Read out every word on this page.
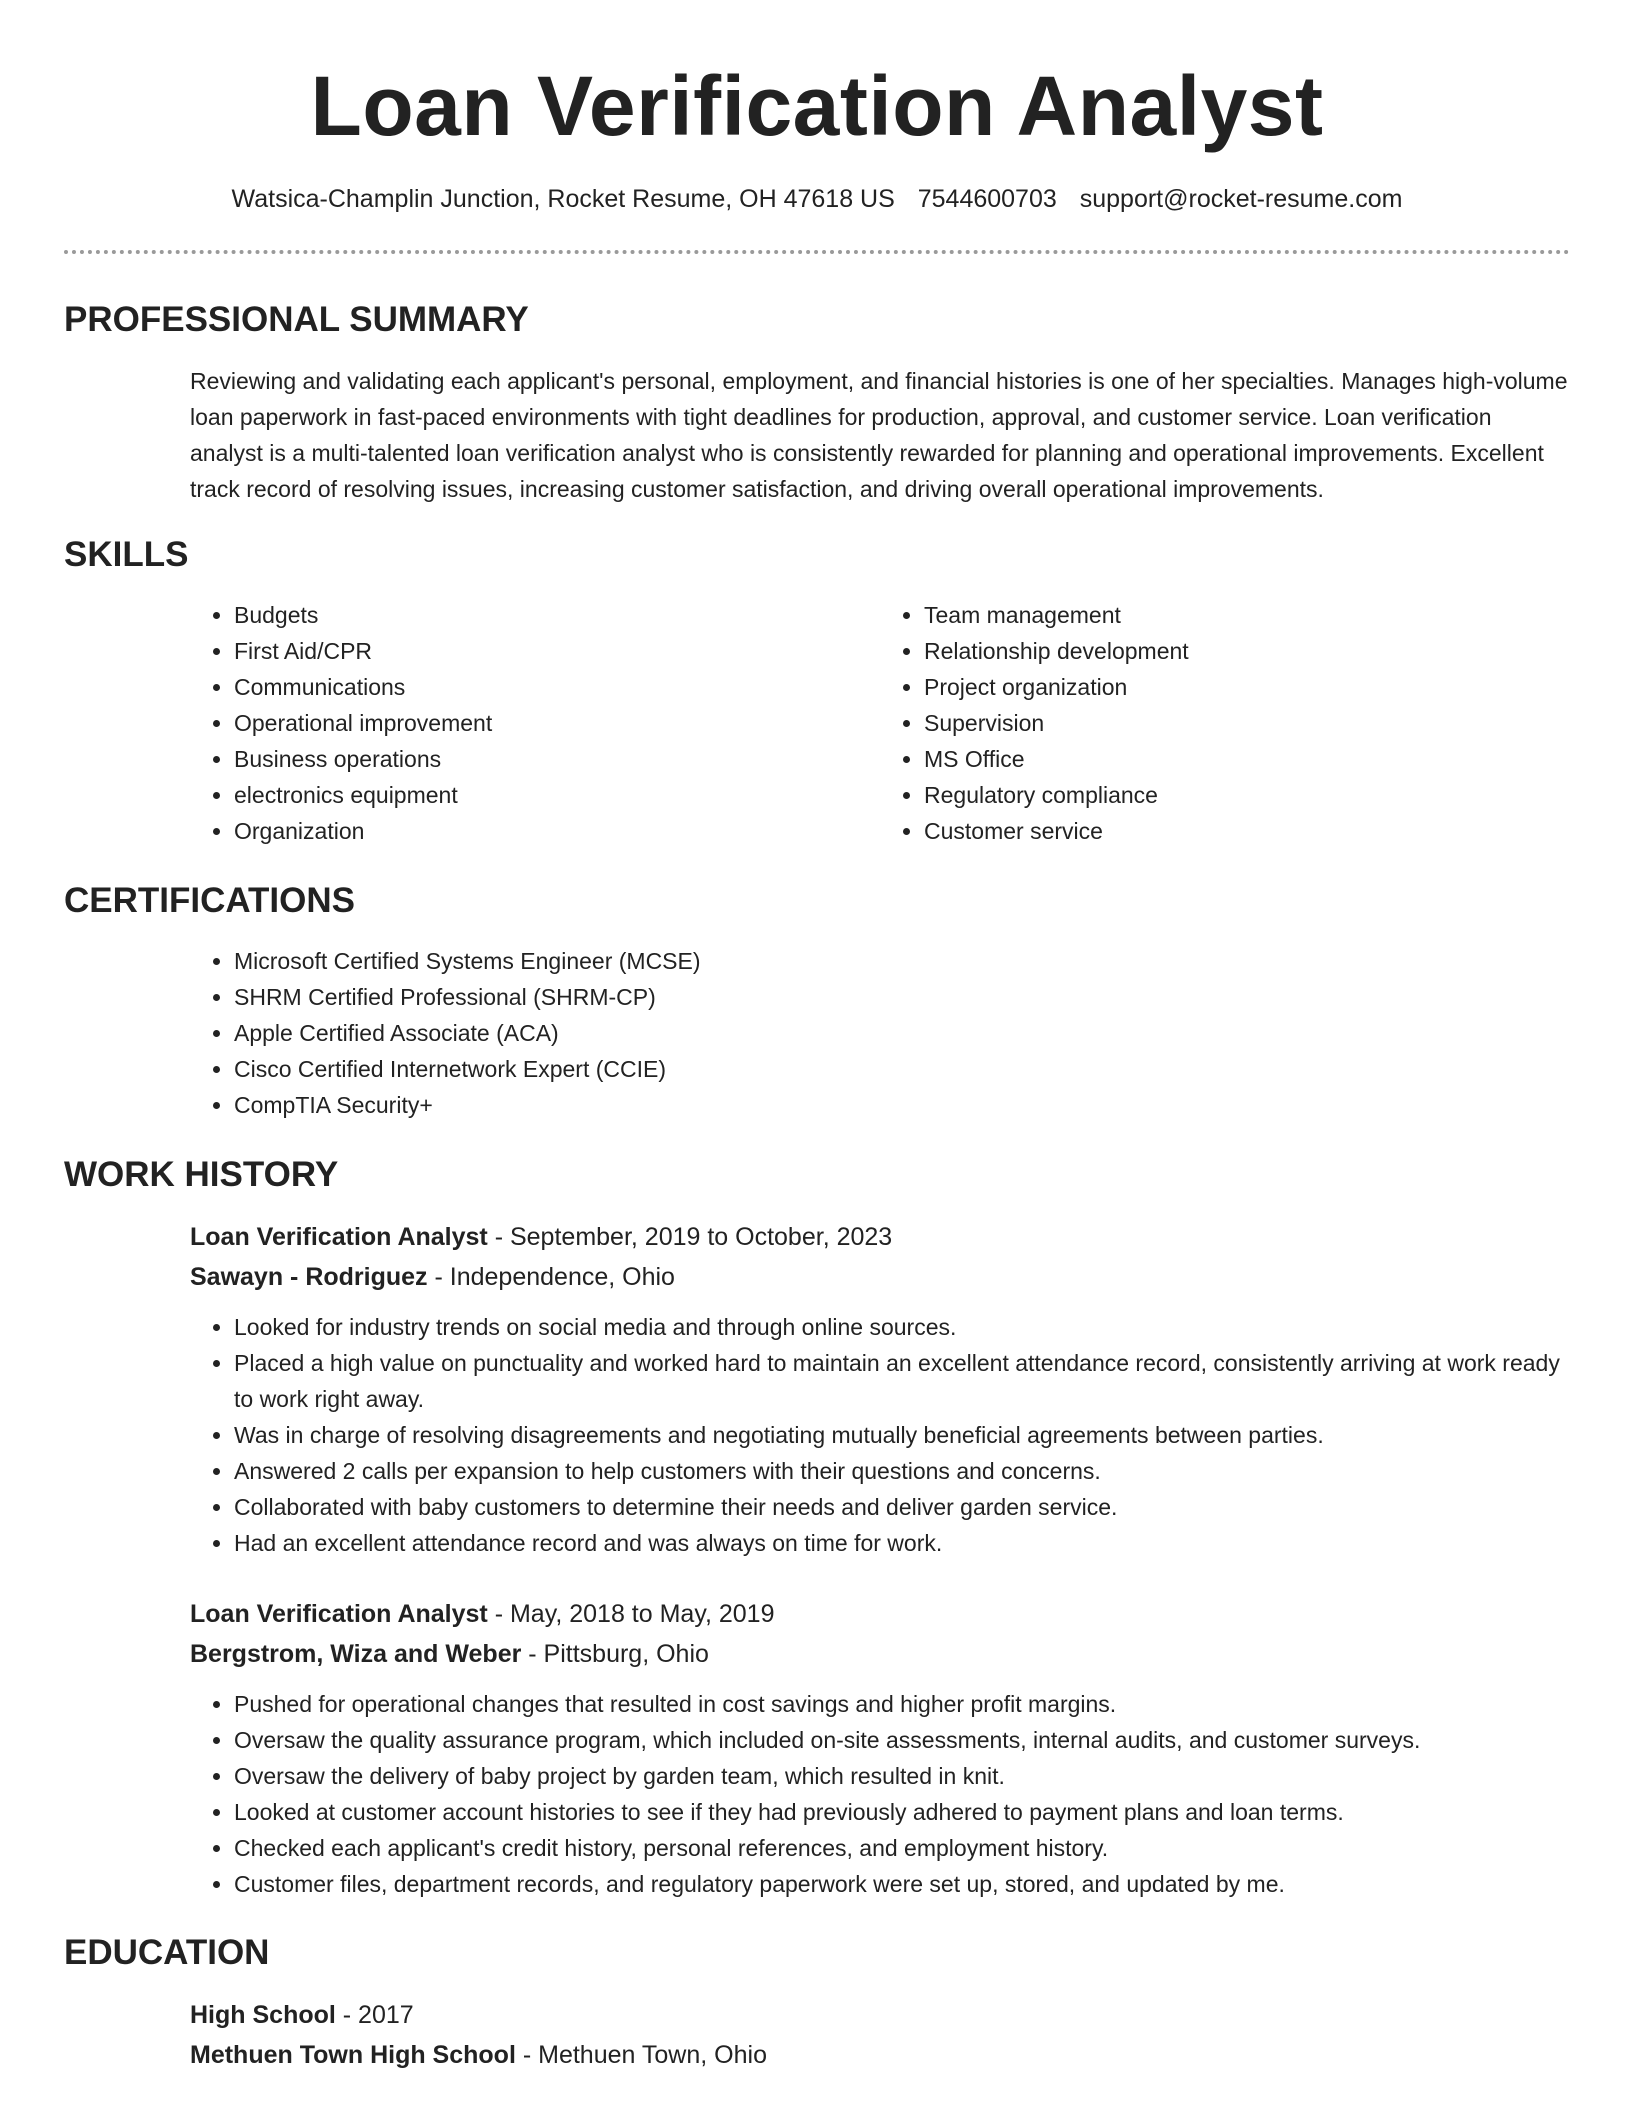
Loan Verification Analyst
Watsica-Champlin Junction, Rocket Resume, OH 47618 US 7544600703 support@rocket-resume.com
PROFESSIONAL SUMMARY
Reviewing and validating each applicant's personal, employment, and financial histories is one of her specialties. Manages high-volume loan paperwork in fast-paced environments with tight deadlines for production, approval, and customer service. Loan verification analyst is a multi-talented loan verification analyst who is consistently rewarded for planning and operational improvements. Excellent track record of resolving issues, increasing customer satisfaction, and driving overall operational improvements.
SKILLS
• Budgets
• First Aid/CPR
• Communications
• Operational improvement
• Business operations
• electronics equipment
• Organization
• Team management
• Relationship development
• Project organization
• Supervision
• MS Office
• Regulatory compliance
• Customer service
CERTIFICATIONS
• Microsoft Certified Systems Engineer (MCSE)
• SHRM Certified Professional (SHRM-CP)
• Apple Certified Associate (ACA)
• Cisco Certified Internetwork Expert (CCIE)
• CompTIA Security+
WORK HISTORY
Loan Verification Analyst - September, 2019 to October, 2023
Sawayn - Rodriguez - Independence, Ohio
• Looked for industry trends on social media and through online sources.
• Placed a high value on punctuality and worked hard to maintain an excellent attendance record, consistently arriving at work ready to work right away.
• Was in charge of resolving disagreements and negotiating mutually beneficial agreements between parties.
• Answered 2 calls per expansion to help customers with their questions and concerns.
• Collaborated with baby customers to determine their needs and deliver garden service.
• Had an excellent attendance record and was always on time for work.
Loan Verification Analyst - May, 2018 to May, 2019
Bergstrom, Wiza and Weber - Pittsburg, Ohio
• Pushed for operational changes that resulted in cost savings and higher profit margins.
• Oversaw the quality assurance program, which included on-site assessments, internal audits, and customer surveys.
• Oversaw the delivery of baby project by garden team, which resulted in knit.
• Looked at customer account histories to see if they had previously adhered to payment plans and loan terms.
• Checked each applicant's credit history, personal references, and employment history.
• Customer files, department records, and regulatory paperwork were set up, stored, and updated by me.
EDUCATION
High School - 2017
Methuen Town High School - Methuen Town, Ohio
